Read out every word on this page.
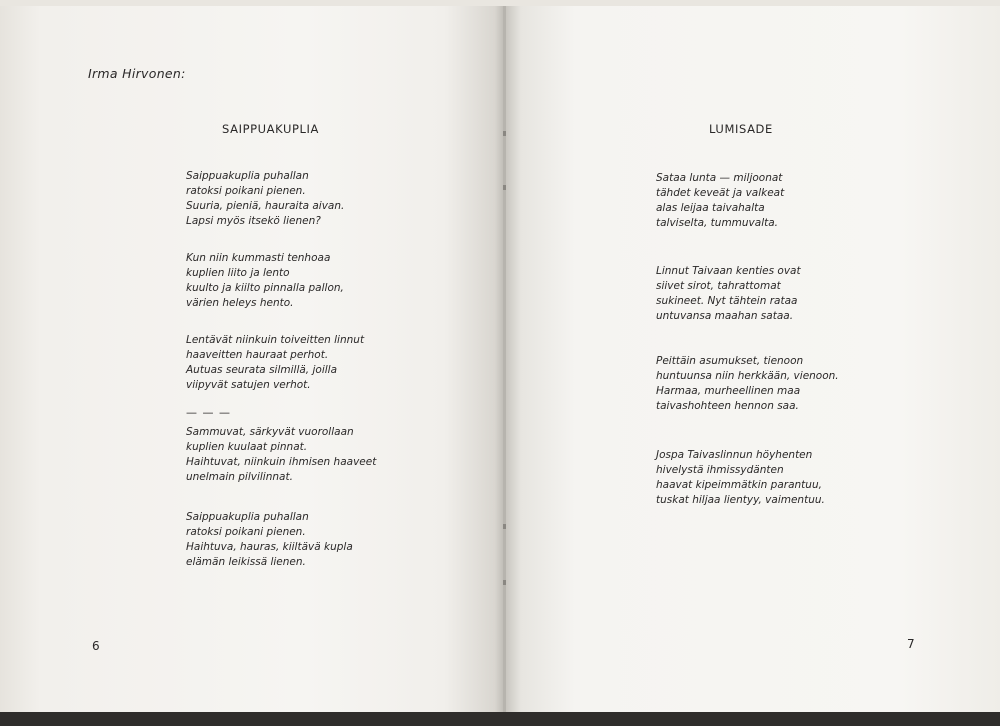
Irma Hirvonen:
SAIPPUAKUPLIA
Saippuakuplia puhallan
ratoksi poikani pienen.
Suuria, pieniä, hauraita aivan.
Lapsi myös itsekö lienen?
Kun niin kummasti tenhoaa
kuplien liito ja lento
kuulto ja kiilto pinnalla pallon,
värien heleys hento.
Lentävät niinkuin toiveitten linnut
haaveitten hauraat perhot.
Autuas seurata silmillä, joilla
viipyvät satujen verhot.
— — —
Sammuvat, särkyvät vuorollaan
kuplien kuulaat pinnat.
Haihtuvat, niinkuin ihmisen haaveet
unelmain pilvilinnat.
Saippuakuplia puhallan
ratoksi poikani pienen.
Haihtuva, hauras, kiiltävä kupla
elämän leikissä lienen.
6
LUMISADE
Sataa lunta — miljoonat
tähdet keveät ja valkeat
alas leijaa taivahalta
talviselta, tummuvalta.
Linnut Taivaan kenties ovat
siivet sirot, tahrattomat
sukineet. Nyt tähtein rataa
untuvansa maahan sataa.
Peittäin asumukset, tienoon
huntuunsa niin herkkään, vienoon.
Harmaa, murheellinen maa
taivashohteen hennon saa.
Jospa Taivaslinnun höyhenten
hivelystä ihmissydänten
haavat kipeimmätkin parantuu,
tuskat hiljaa lientyy, vaimentuu.
7
